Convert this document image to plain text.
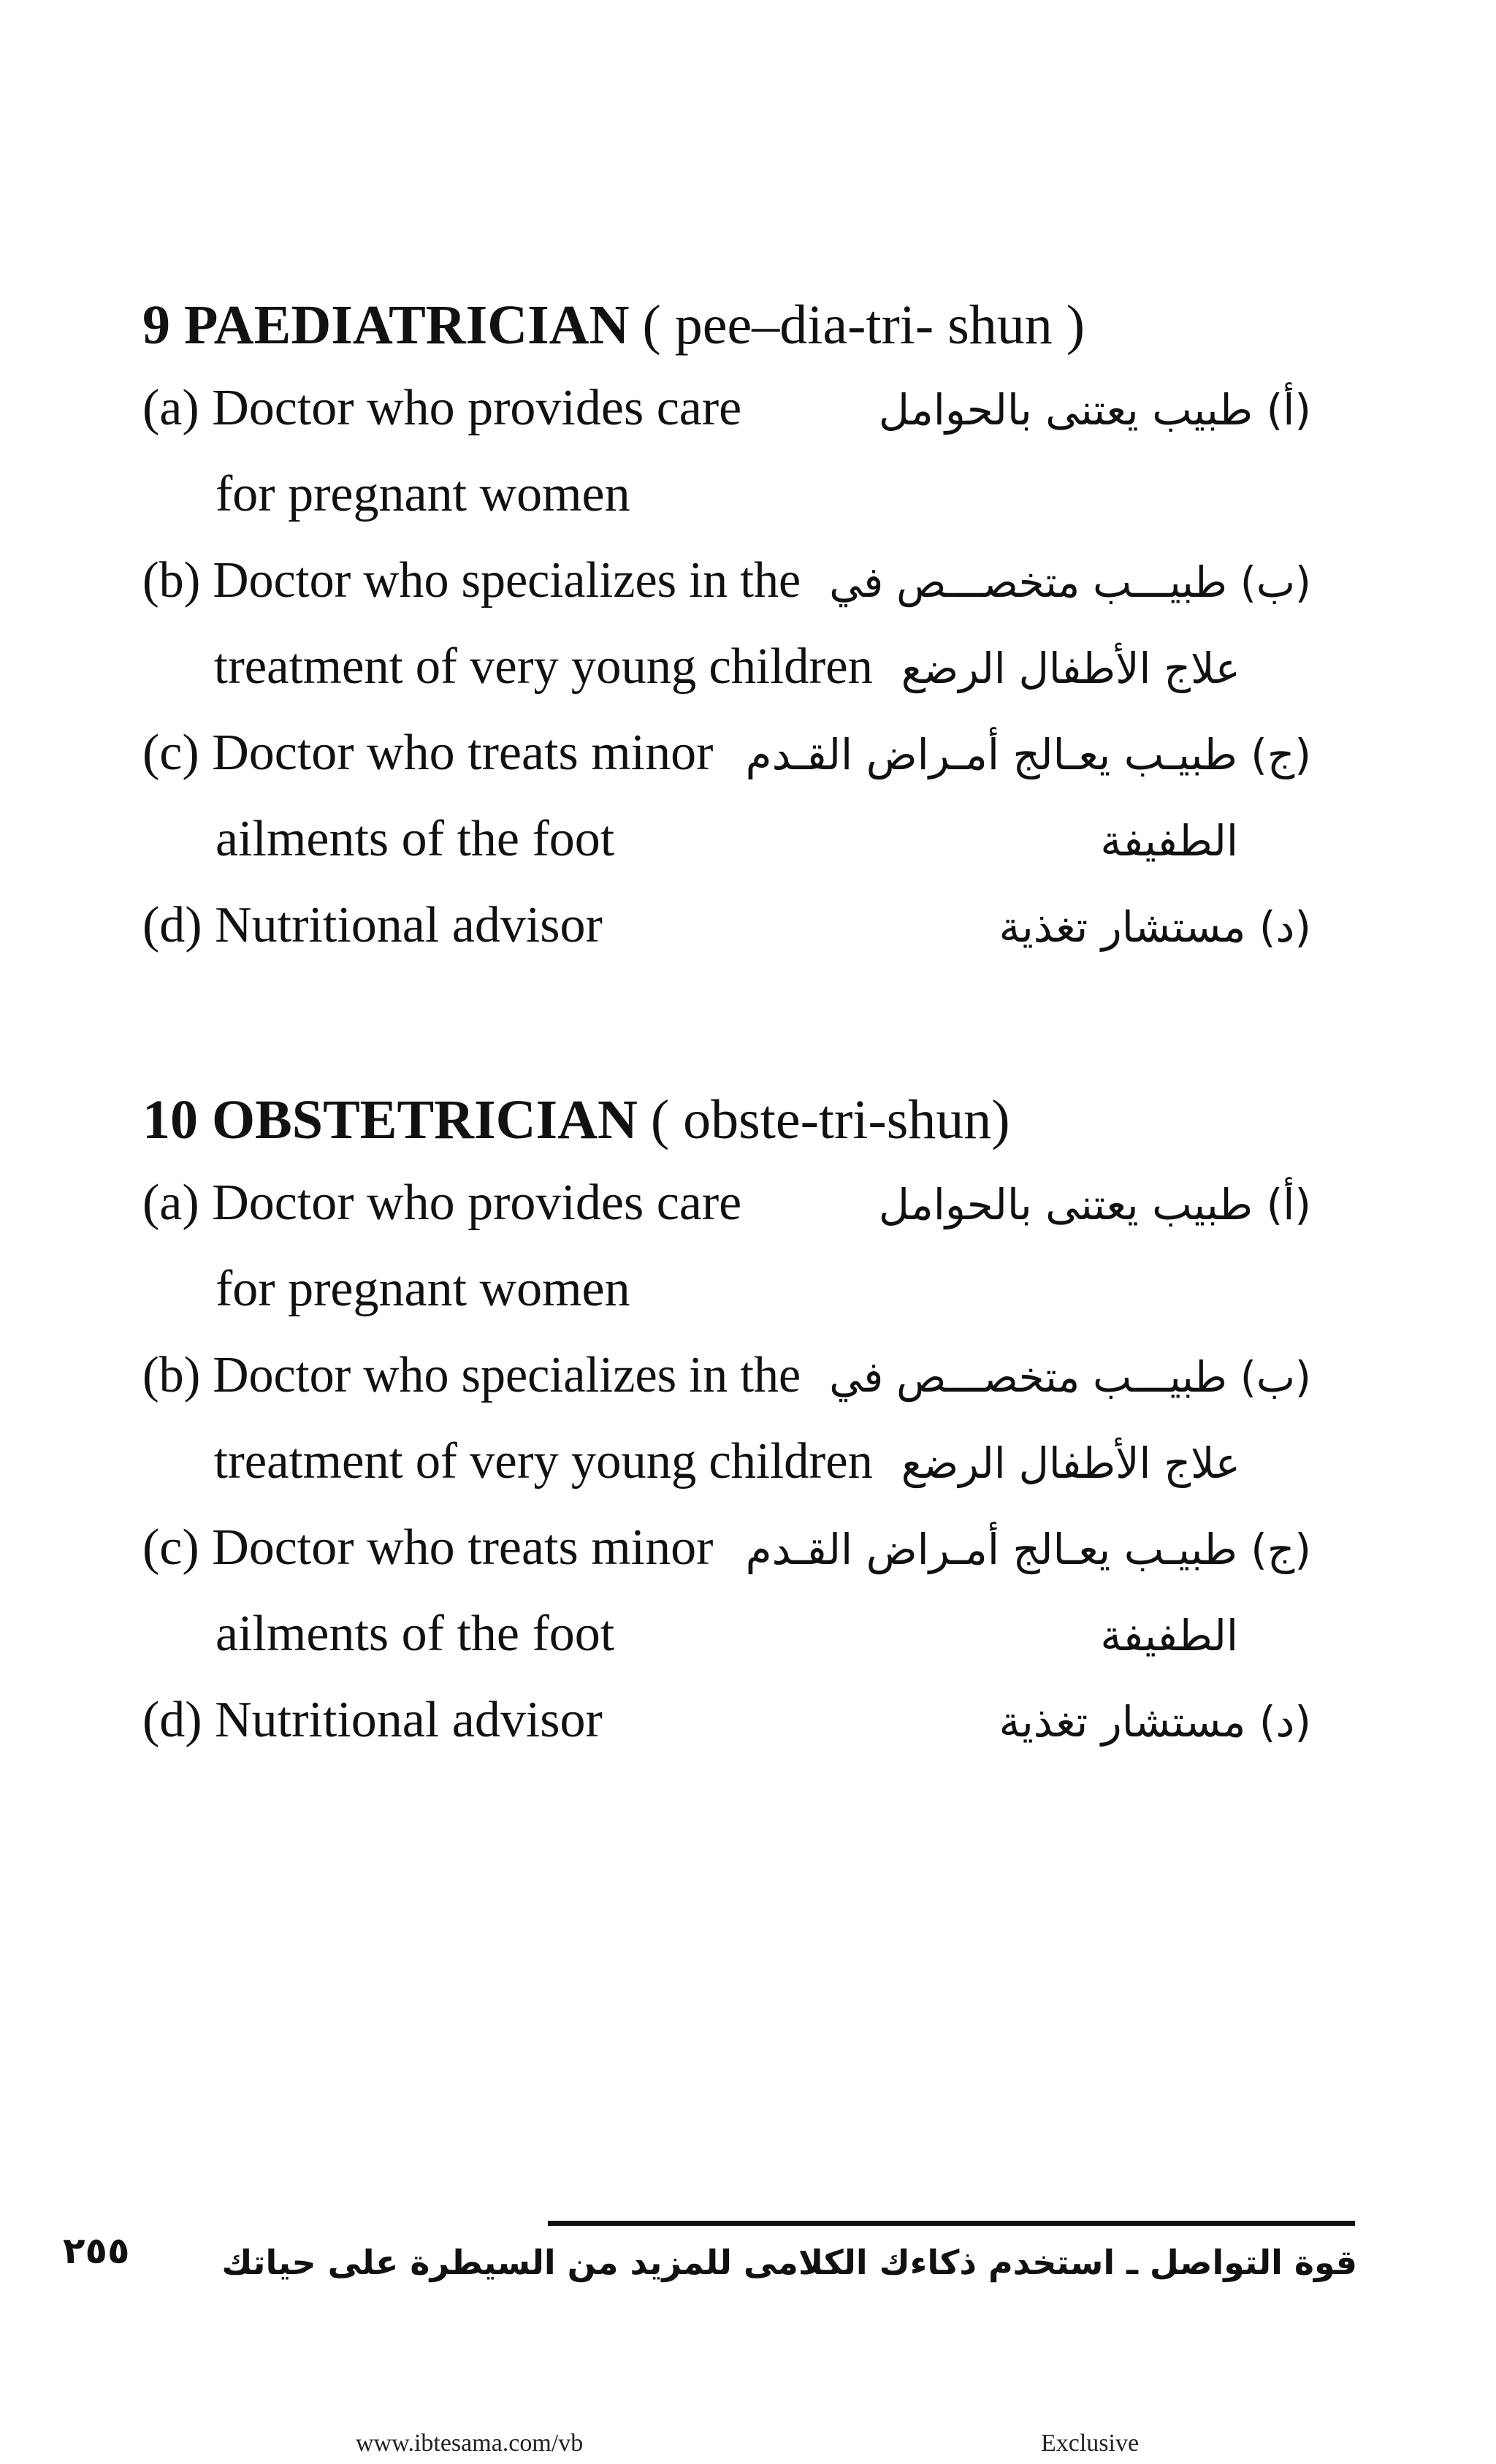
9 PAEDIATRICIAN ( pee–dia-tri- shun )
(a) Doctor who provides care	(أ) طبيب يعتنى بالحوامل
for pregnant women
(b) Doctor who specializes in the (ب) طبيـــب متخصـــص في
treatment of very young children علاج الأطفال الرضع
(c) Doctor who treats minor (ج) طبيـب يعـالج أمـراض القـدم
ailments of the foot	الطفيفة
(d) Nutritional advisor	(د) مستشار تغذية
10 OBSTETRICIAN ( obste-tri-shun)
(a) Doctor who provides care	(أ) طبيب يعتنى بالحوامل
for pregnant women
(b) Doctor who specializes in the (ب) طبيـــب متخصـــص في
treatment of very young children علاج الأطفال الرضع
(c) Doctor who treats minor (ج) طبيـب يعـالج أمـراض القـدم
ailments of the foot	الطفيفة
(d) Nutritional advisor	(د) مستشار تغذية
قوة التواصل ـ استخدم ذكاءك الكلامى للمزيد من السيطرة على حياتك
٢٥٥
www.ibtesama.com/vb	Exclusive
